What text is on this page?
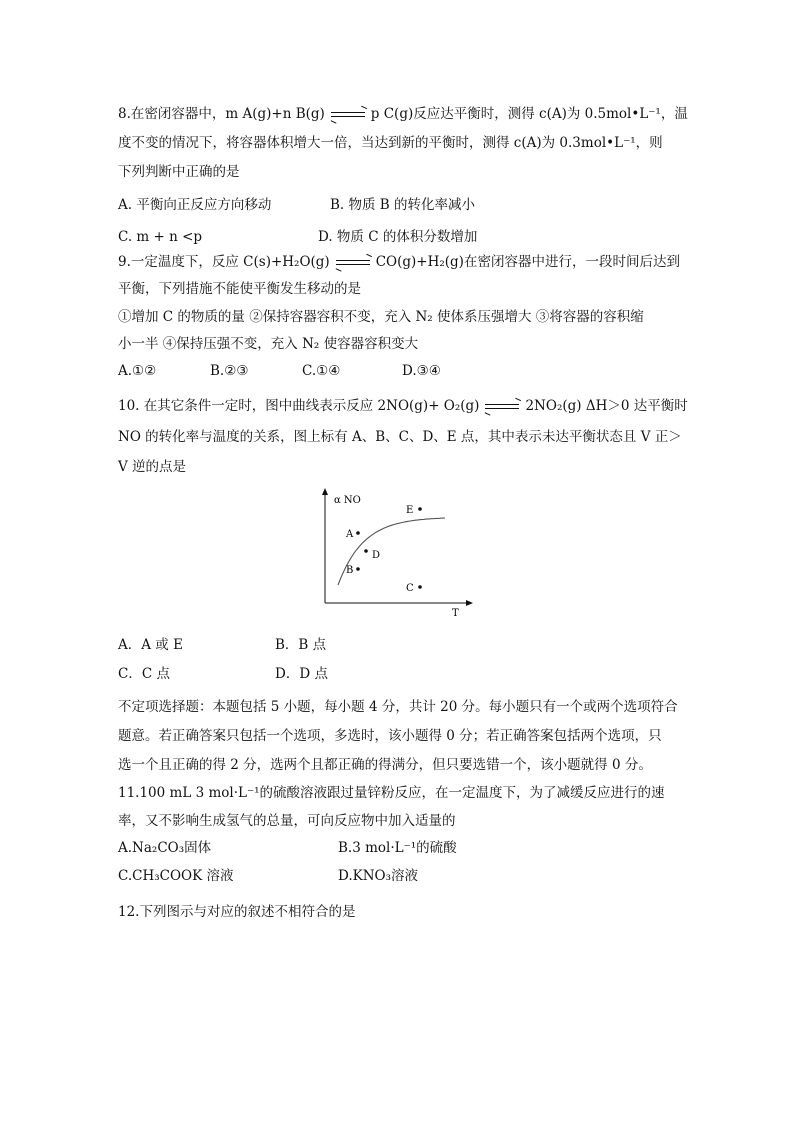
8.在密闭容器中，m A(g)+n B(g)	p C(g)反应达平衡时，测得 c(A)为 0.5mol•L⁻¹，温
度不变的情况下，将容器体积增大一倍，当达到新的平衡时，测得 c(A)为 0.3mol•L⁻¹，则
下列判断中正确的是
A. 平衡向正反应方向移动	B. 物质 B 的转化率减小
C. m + n <p	D. 物质 C 的体积分数增加
9.一定温度下，反应 C(s)+H₂O(g)	CO(g)+H₂(g)在密闭容器中进行，一段时间后达到
平衡，下列措施不能使平衡发生移动的是
①增加 C 的物质的量 ②保持容器容积不变，充入 N₂ 使体系压强增大 ③将容器的容积缩
小一半 ④保持压强不变，充入 N₂ 使容器容积变大
A.①②	B.②③	C.①④	D.③④
10. 在其它条件一定时，图中曲线表示反应 2NO(g)+ O₂(g)	2NO₂(g) ΔH＞0 达平衡时
NO 的转化率与温度的关系，图上标有 A、B、C、D、E 点，其中表示未达平衡状态且 V 正＞
V 逆的点是
α NO
T
A
B
C
D
E
A．A 或 E	B．B 点
C．C 点	D．D 点
不定项选择题：本题包括 5 小题，每小题 4 分，共计 20 分。每小题只有一个或两个选项符合
题意。若正确答案只包括一个选项，多选时，该小题得 0 分；若正确答案包括两个选项，只
选一个且正确的得 2 分，选两个且都正确的得满分，但只要选错一个，该小题就得 0 分。
11.100 mL 3 mol·L⁻¹的硫酸溶液跟过量锌粉反应，在一定温度下，为了减缓反应进行的速
率，又不影响生成氢气的总量，可向反应物中加入适量的
A.Na₂CO₃固体	B.3 mol·L⁻¹的硫酸
C.CH₃COOK 溶液	D.KNO₃溶液
12.下列图示与对应的叙述不相符合的是
